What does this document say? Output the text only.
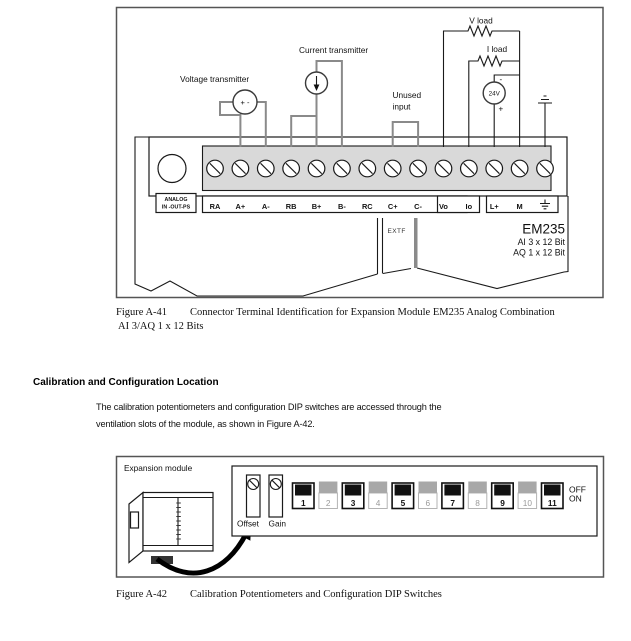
EXTF
ANALOG
IN -OUT-PS	RA A+ A- RB B+ B- RC C+ C- Vo Io L+ M
+ -
Voltage transmitter
Current transmitter
Unused
input
V load
I load
24V
-
+
EM235
AI 3 x 12 Bit
AQ 1 x 12 Bit
Figure A-41 Connector Terminal Identification for Expansion Module EM235 Analog Combination
AI 3/AQ 1 x 12 Bits
Calibration and Configuration Location
The calibration potentiometers and configuration DIP switches are accessed through the
ventilation slots of the module, as shown in Figure A-42.
Expansion module
Offset Gain
1 2 3 4 5 6 7 8 9 10 11
OFF
ON
Figure A-42 Calibration Potentiometers and Configuration DIP Switches
